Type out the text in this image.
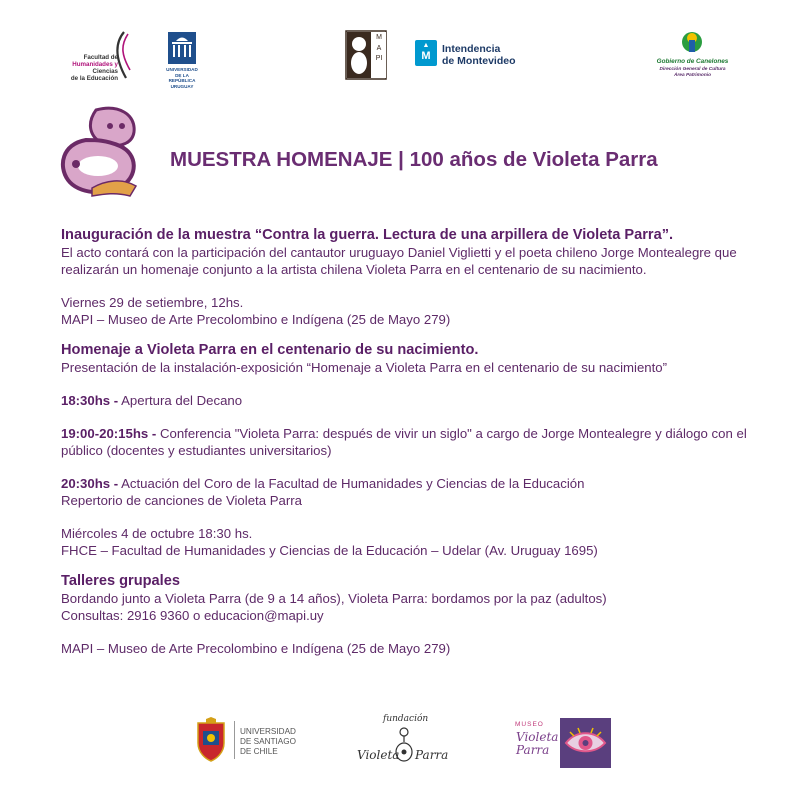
Facultad de
Humanidades y
Ciencias
de la Educación
UNIVERSIDAD
DE LA REPÚBLICA
URUGUAY
MAPI
▲
M
Intendencia
de Montevideo	Gobierno de Canelones
Dirección General de Cultura
Área Patrimonio
MUESTRA HOMENAJE | 100 años de Violeta Parra

Inauguración de la muestra “Contra la guerra. Lectura de una arpillera de Violeta Parra”.

El acto contará con la participación del cantautor uruguayo Daniel Viglietti y el poeta chileno Jorge Montealegre que realizarán un homenaje conjunto a la artista chilena Violeta Parra en el centenario de su nacimiento.

Viernes 29 de setiembre, 12hs.

MAPI – Museo de Arte Precolombino e Indígena (25 de Mayo 279)

Homenaje a Violeta Parra en el centenario de su nacimiento.

Presentación de la instalación-exposición “Homenaje a Violeta Parra en el centenario de su nacimiento”

18:30hs - Apertura del Decano

19:00-20:15hs - Conferencia "Violeta Parra: después de vivir un siglo" a cargo de Jorge Montealegre y diálogo con el público (docentes y estudiantes universitarios)

20:30hs - Actuación del Coro de la Facultad de Humanidades y Ciencias de la Educación

Repertorio de canciones de Violeta Parra

Miércoles 4 de octubre 18:30 hs.

FHCE – Facultad de Humanidades y Ciencias de la Educación – Udelar (Av. Uruguay 1695)

Talleres grupales

Bordando junto a Violeta Parra (de 9 a 14 años), Violeta Parra: bordamos por la paz (adultos)

Consultas: 2916 9360 o educacion@mapi.uy

MAPI – Museo de Arte Precolombino e Indígena (25 de Mayo 279)

UNIVERSIDAD
DE SANTIAGO
DE CHILE
fundación
Violeta Parra
MUSEO
Violeta
Parra
